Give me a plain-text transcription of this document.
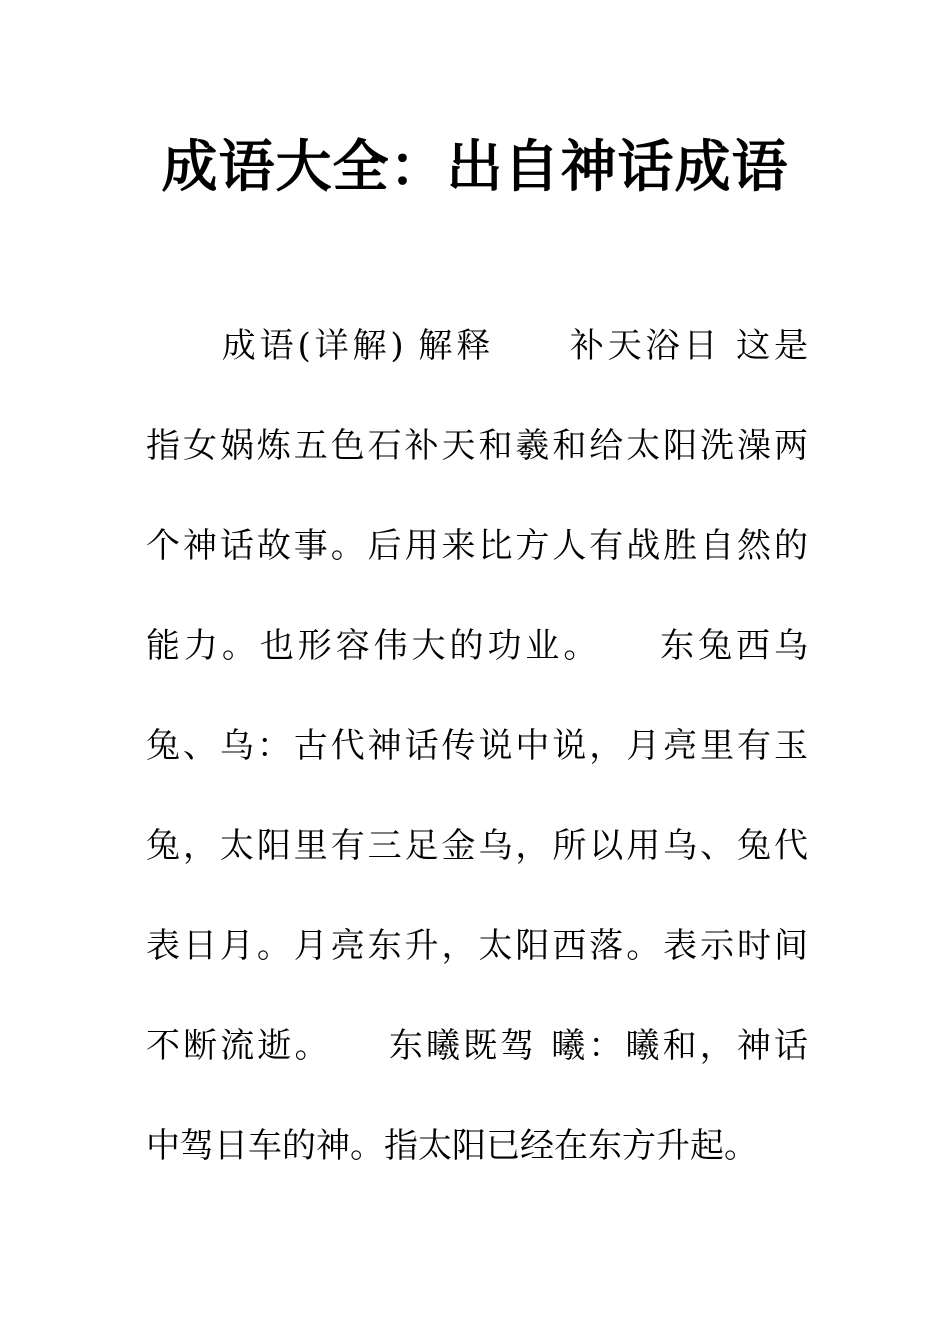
成语大全：出自神话成语
　　成语(详解) 解释　　补天浴日 这是
指女娲炼五色石补天和羲和给太阳洗澡两
个神话故事。后用来比方人有战胜自然的
能力。也形容伟大的功业。　　东兔西乌
兔、乌：古代神话传说中说，月亮里有玉
兔，太阳里有三足金乌，所以用乌、兔代
表日月。月亮东升，太阳西落。表示时间
不断流逝。　　东曦既驾 曦：曦和，神话
中驾日车的神。指太阳已经在东方升起。
